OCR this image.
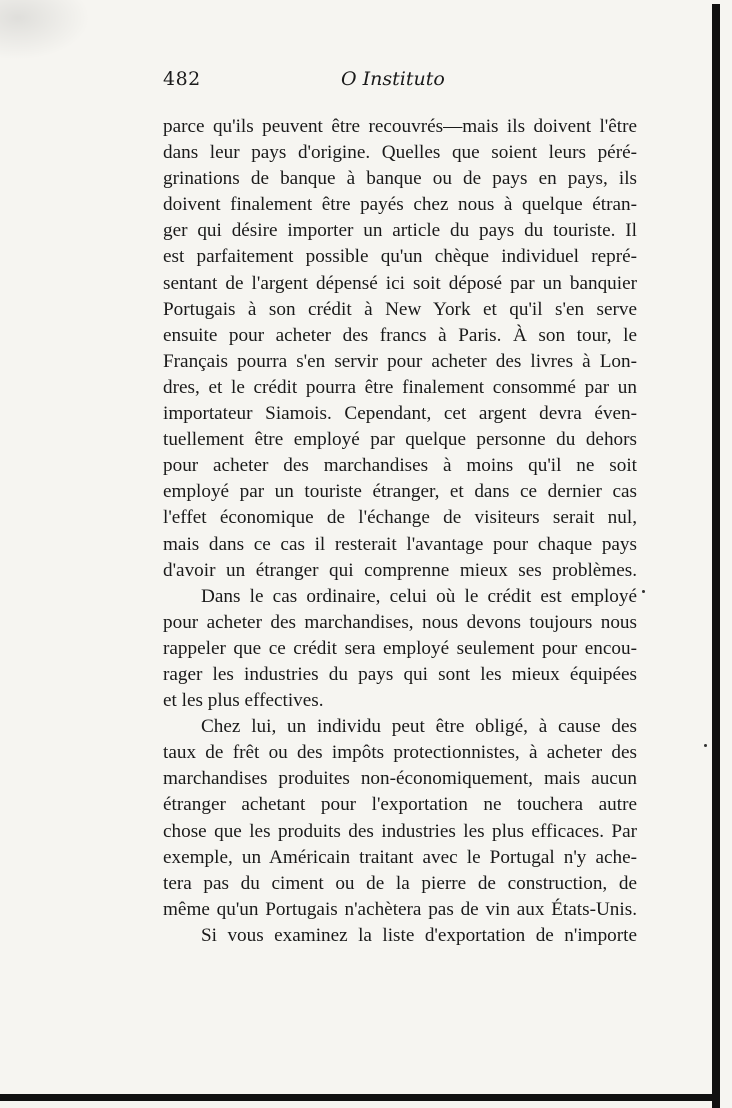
482	O Instituto
parce qu'ils peuvent être recouvrés—mais ils doivent l'être
dans leur pays d'origine. Quelles que soient leurs péré-
grinations de banque à banque ou de pays en pays, ils
doivent finalement être payés chez nous à quelque étran-
ger qui désire importer un article du pays du touriste. Il
est parfaitement possible qu'un chèque individuel repré-
sentant de l'argent dépensé ici soit déposé par un banquier
Portugais à son crédit à New York et qu'il s'en serve
ensuite pour acheter des francs à Paris. À son tour, le
Français pourra s'en servir pour acheter des livres à Lon-
dres, et le crédit pourra être finalement consommé par un
importateur Siamois. Cependant, cet argent devra éven-
tuellement être employé par quelque personne du dehors
pour acheter des marchandises à moins qu'il ne soit
employé par un touriste étranger, et dans ce dernier cas
l'effet économique de l'échange de visiteurs serait nul,
mais dans ce cas il resterait l'avantage pour chaque pays
d'avoir un étranger qui comprenne mieux ses problèmes.
Dans le cas ordinaire, celui où le crédit est employé
pour acheter des marchandises, nous devons toujours nous
rappeler que ce crédit sera employé seulement pour encou-
rager les industries du pays qui sont les mieux équipées
et les plus effectives.
Chez lui, un individu peut être obligé, à cause des
taux de frêt ou des impôts protectionnistes, à acheter des
marchandises produites non-économiquement, mais aucun
étranger achetant pour l'exportation ne touchera autre
chose que les produits des industries les plus efficaces. Par
exemple, un Américain traitant avec le Portugal n'y ache-
tera pas du ciment ou de la pierre de construction, de
même qu'un Portugais n'achètera pas de vin aux États-Unis.
Si vous examinez la liste d'exportation de n'importe
